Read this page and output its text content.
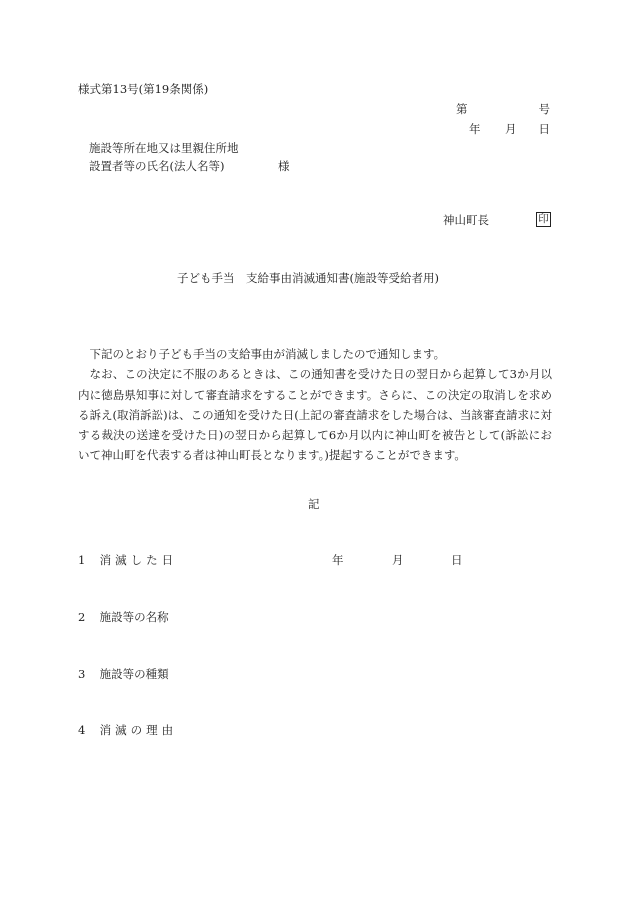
様式第13号(第19条関係)
第	号
年 月 日
施設等所在地又は里親住所地
設置者等の氏名(法人名等)	様
神山町長	印
子ども手当　支給事由消滅通知書(施設等受給者用)

下記のとおり子ども手当の支給事由が消滅しましたので通知します。

なお、この決定に不服のあるときは、この通知書を受けた日の翌日から起算して3か月以内に徳島県知事に対して審査請求をすることができます。さらに、この決定の取消しを求める訴え(取消訴訟)は、この通知を受けた日(上記の審査請求をした場合は、当該審査請求に対する裁決の送達を受けた日)の翌日から起算して6か月以内に神山町を被告として(訴訟において神山町を代表する者は神山町長となります。)提起することができます。

記
1 消滅した日	年	月	日
2 施設等の名称
3 施設等の種類
4 消滅の理由
